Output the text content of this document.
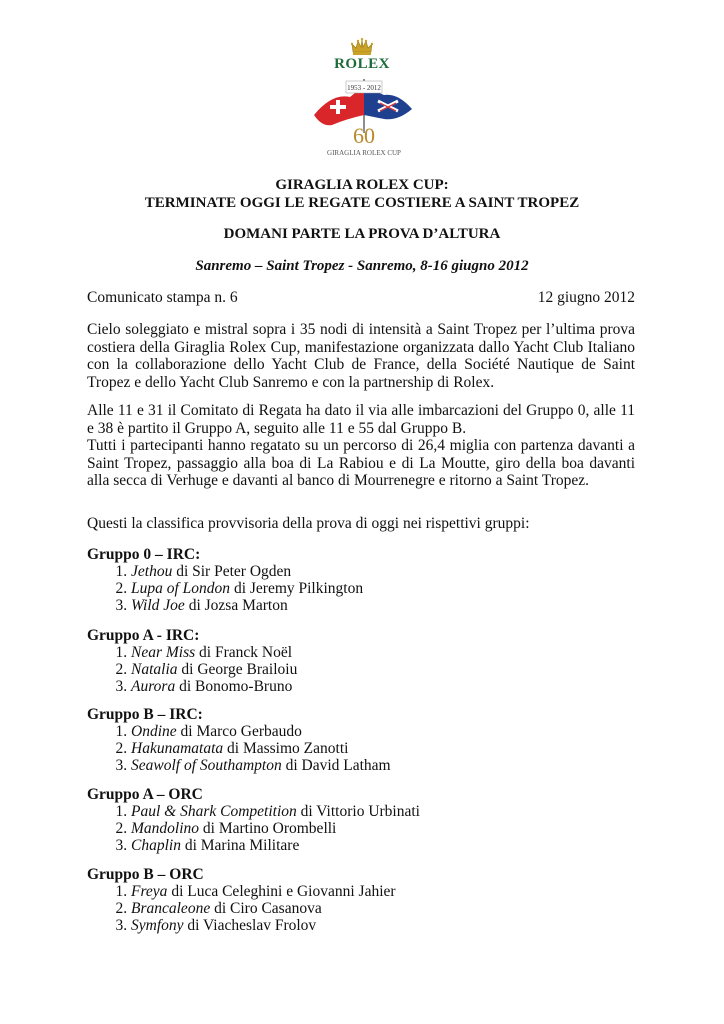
ROLEX
1953 - 2012
60
GIRAGLIA ROLEX CUP
GIRAGLIA ROLEX CUP:
TERMINATE OGGI LE REGATE COSTIERE A SAINT TROPEZ
DOMANI PARTE LA PROVA D’ALTURA
Sanremo – Saint Tropez - Sanremo, 8-16 giugno 2012
Comunicato stampa n. 6	12 giugno 2012
Cielo soleggiato e mistral sopra i 35 nodi di intensità a Saint Tropez per l’ultima prova costiera della Giraglia Rolex Cup, manifestazione organizzata dallo Yacht Club Italiano con la collaborazione dello Yacht Club de France, della Société Nautique de Saint Tropez e dello Yacht Club Sanremo e con la partnership di Rolex.
Alle 11 e 31 il Comitato di Regata ha dato il via alle imbarcazioni del Gruppo 0, alle 11 e 38 è partito il Gruppo A, seguito alle 11 e 55 dal Gruppo B.
Tutti i partecipanti hanno regatato su un percorso di 26,4 miglia con partenza davanti a Saint Tropez, passaggio alla boa di La Rabiou e di La Moutte, giro della boa davanti alla secca di Verhuge e davanti al banco di Mourrenegre e ritorno a Saint Tropez.
Questi la classifica provvisoria della prova di oggi nei rispettivi gruppi:
Gruppo 0 – IRC:
1. Jethou di Sir Peter Ogden
2. Lupa of London di Jeremy Pilkington
3. Wild Joe di Jozsa Marton
Gruppo A - IRC:
1. Near Miss di Franck Noël
2. Natalia di George Brailoiu
3. Aurora di Bonomo-Bruno
Gruppo B – IRC:
1. Ondine di Marco Gerbaudo
2. Hakunamatata di Massimo Zanotti
3. Seawolf of Southampton di David Latham
Gruppo A – ORC
1. Paul & Shark Competition di Vittorio Urbinati
2. Mandolino di Martino Orombelli
3. Chaplin di Marina Militare
Gruppo B – ORC
1. Freya di Luca Celeghini e Giovanni Jahier
2. Brancaleone di Ciro Casanova
3. Symfony di Viacheslav Frolov
